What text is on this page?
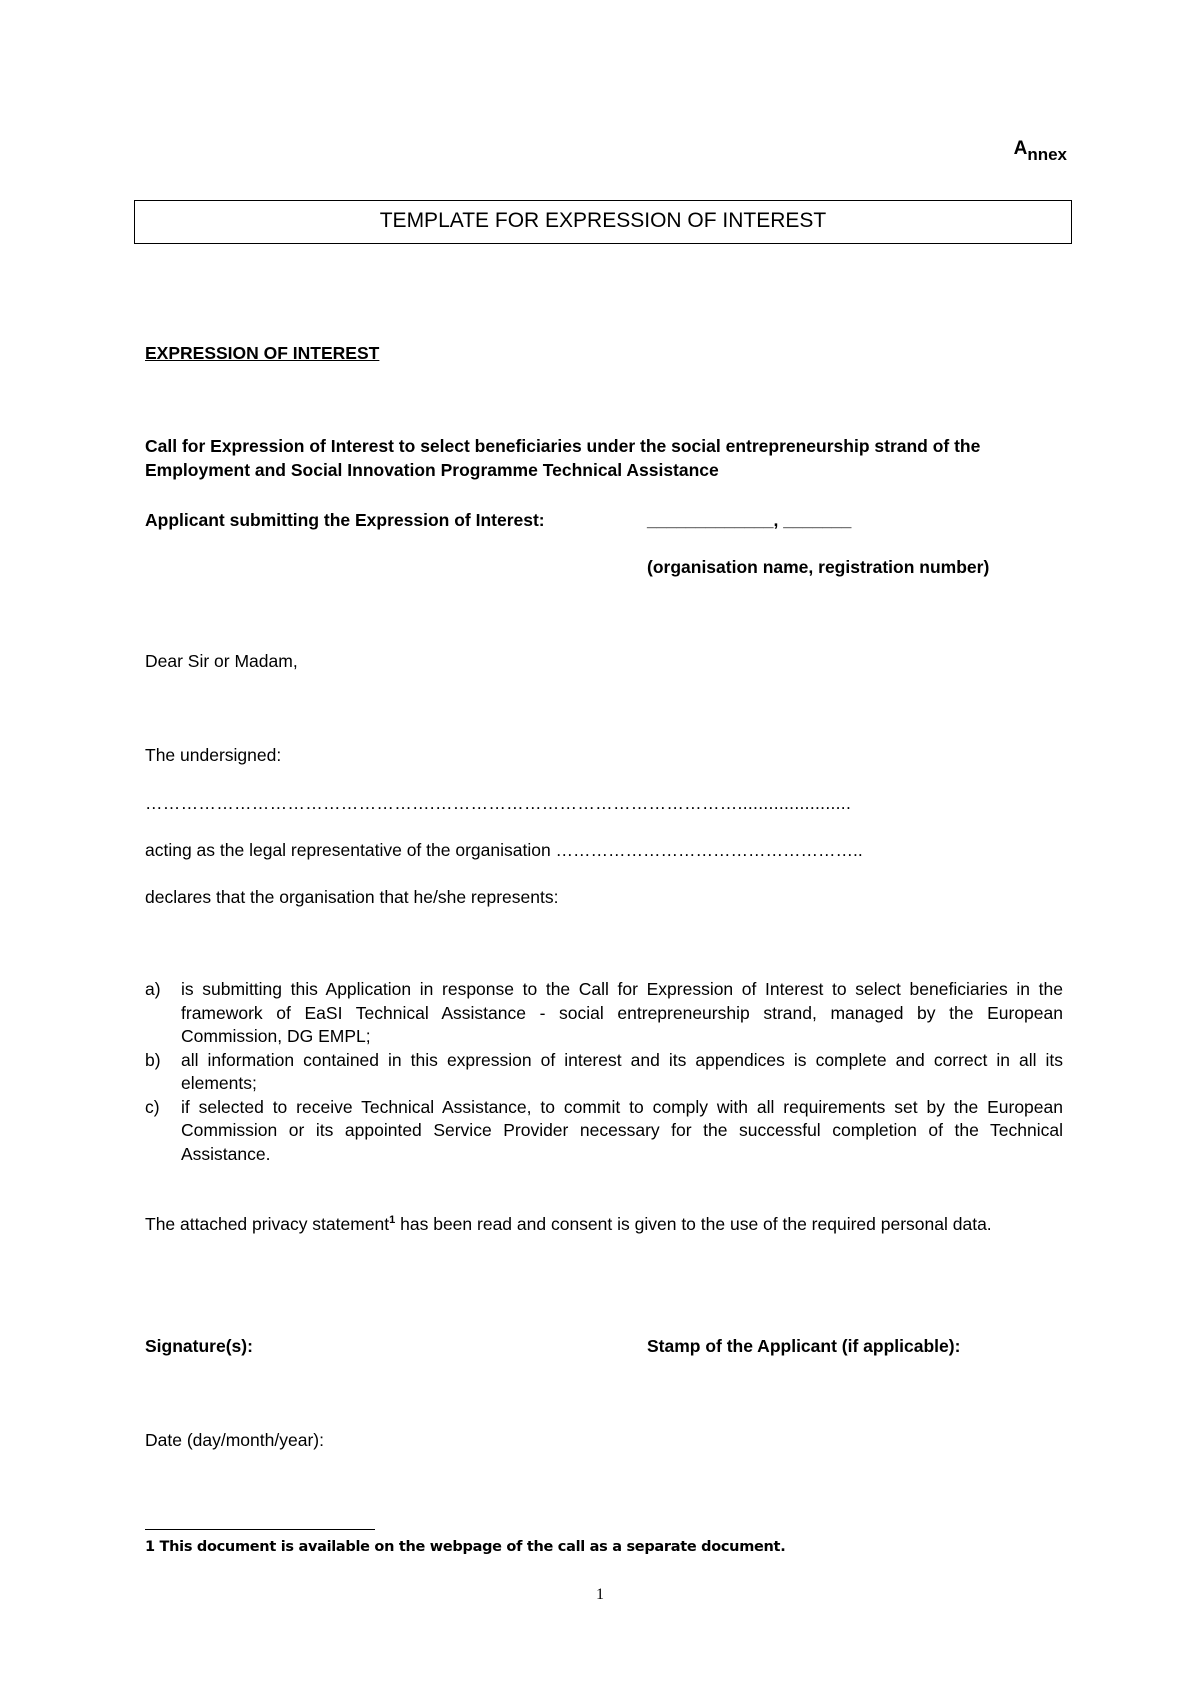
Annex
TEMPLATE FOR EXPRESSION OF INTEREST
EXPRESSION OF INTEREST
Call for Expression of Interest to select beneficiaries under the social entrepreneurship strand of the Employment and Social Innovation Programme Technical Assistance
Applicant submitting the Expression of Interest:	_____________, _______
(organisation name, registration number)
Dear Sir or Madam,
The undersigned:
………………………………………….……………………………………………......................
acting as the legal representative of the organisation ……………………………………………..
declares that the organisation that he/she represents:
a)	is submitting this Application in response to the Call for Expression of Interest to select beneficiaries in the framework of EaSI Technical Assistance - social entrepreneurship strand, managed by the European Commission, DG EMPL;
b)	all information contained in this expression of interest and its appendices is complete and correct in all its elements;
c)	if selected to receive Technical Assistance, to commit to comply with all requirements set by the European Commission or its appointed Service Provider necessary for the successful completion of the Technical Assistance.
The attached privacy statement$^1$ has been read and consent is given to the use of the required personal data.
Signature(s):	Stamp of the Applicant (if applicable):
Date (day/month/year):
1 This document is available on the webpage of the call as a separate document.
1
